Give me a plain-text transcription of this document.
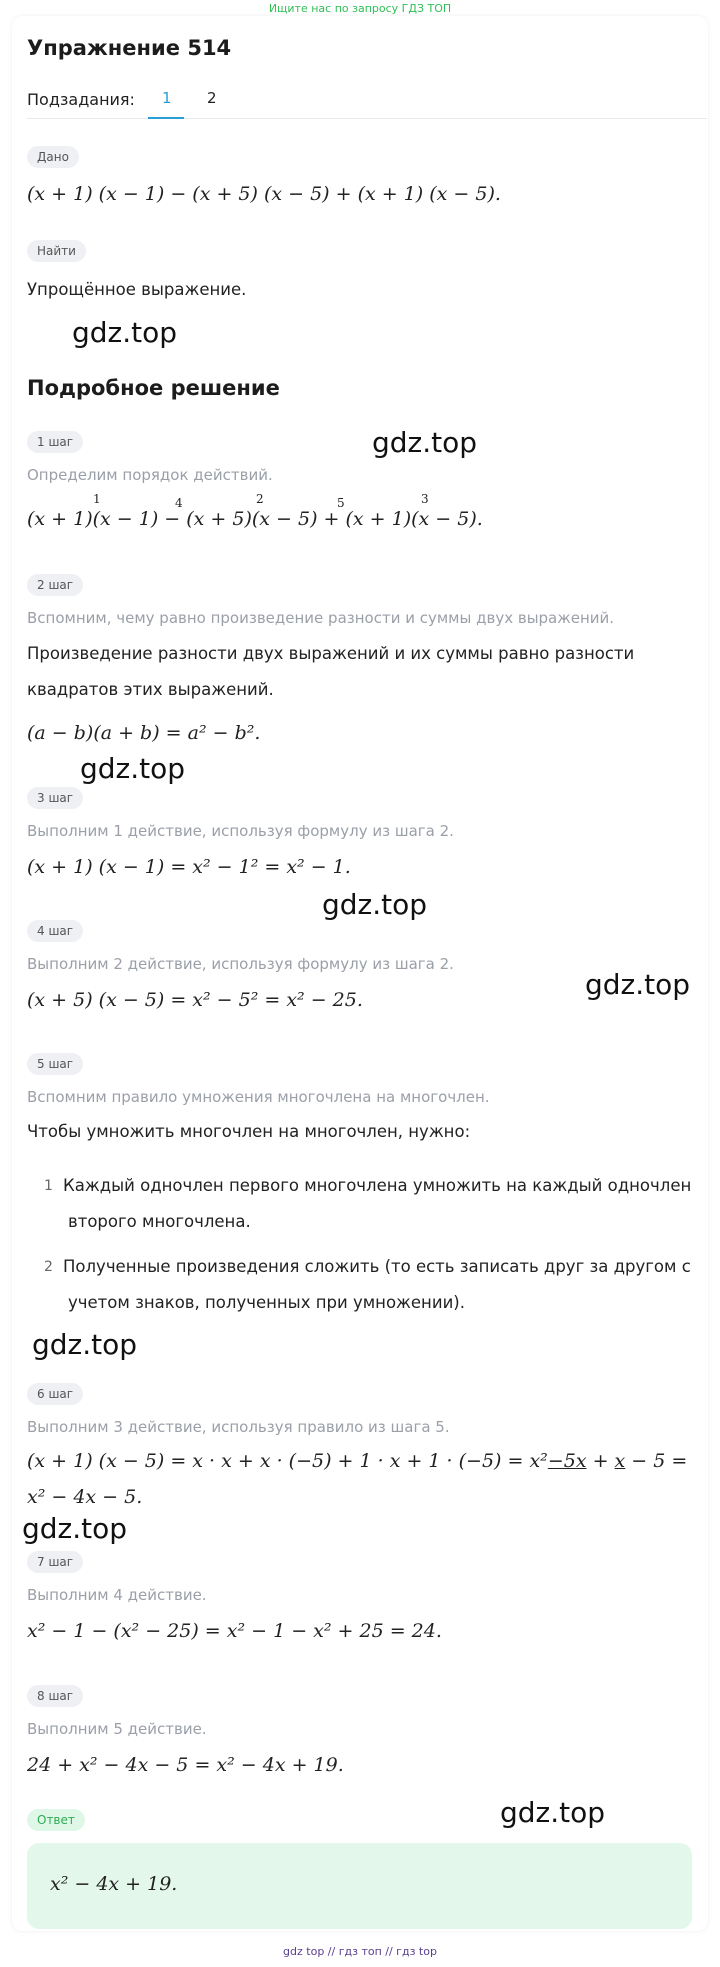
Ищите нас по запросу ГДЗ ТОП
Упражнение 514
Подзадания: 1 2
Дано
(x + 1) (x − 1) − (x + 5) (x − 5) + (x + 1) (x − 5).
Найти
Упрощённое выражение.
gdz.top
Подробное решение
1 шаг	gdz.top
Определим порядок действий.
(x + 1)(x − 1) − (x + 5)(x − 5) + (x + 1)(x − 5).
1	4	2	5	3
2 шаг
Вспомним, чему равно произведение разности и суммы двух выражений.
Произведение разности двух выражений и их суммы равно разности
квадратов этих выражений.
(a − b)(a + b) = a² − b².
gdz.top
3 шаг
Выполним 1 действие, используя формулу из шага 2.
(x + 1) (x − 1) = x² − 1² = x² − 1.
gdz.top
4 шаг
Выполним 2 действие, используя формулу из шага 2.
(x + 5) (x − 5) = x² − 5² = x² − 25.	gdz.top
5 шаг
Вспомним правило умножения многочлена на многочлен.
Чтобы умножить многочлен на многочлен, нужно:
1 Каждый одночлен первого многочлена умножить на каждый одночлен
второго многочлена.
2 Полученные произведения сложить (то есть записать друг за другом с
учетом знаков, полученных при умножении).
gdz.top
6 шаг
Выполним 3 действие, используя правило из шага 5.
(x + 1) (x − 5) = x · x + x · (−5) + 1 · x + 1 · (−5) = x²−5x + x − 5 =
x² − 4x − 5.
gdz.top
7 шаг
Выполним 4 действие.
x² − 1 − (x² − 25) = x² − 1 − x² + 25 = 24.
8 шаг
Выполним 5 действие.
24 + x² − 4x − 5 = x² − 4x + 19.
Ответ	gdz.top
x² − 4x + 19.
gdz top // гдз топ // гдз top
